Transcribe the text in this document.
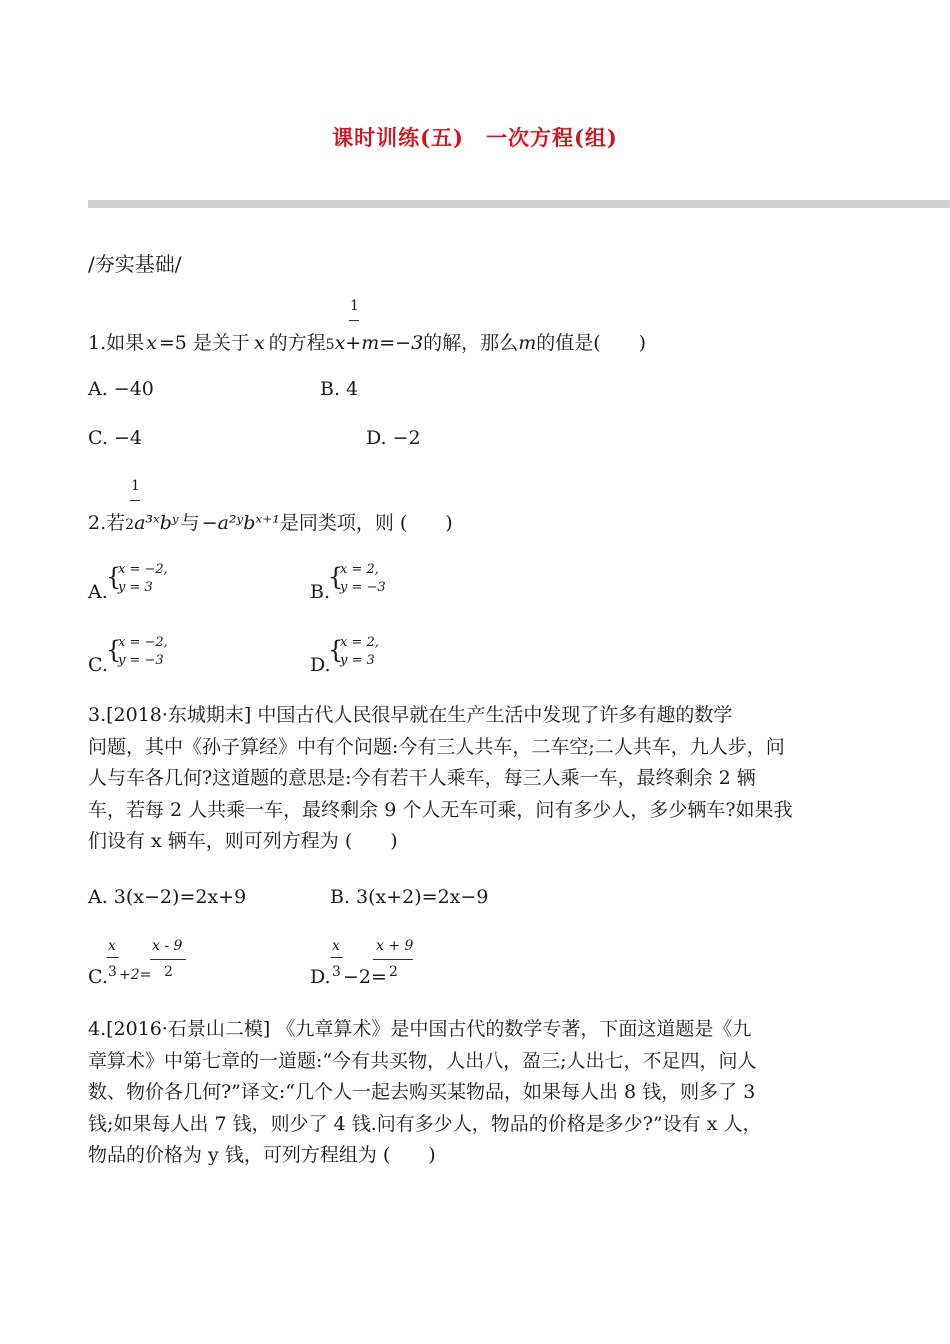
课时训练(五)　一次方程(组)
/夯实基础/
1
1.如果 x =5 是关于 x 的方程5x+m=−3的解，那么m的值是(　　)
A. −40	B. 4
C. −4	D. −2
1
2.若2a³ˣbʸ 与 −a²ʸbˣ⁺¹是同类项，则 (　　)
A.
{
x = −2,
y = 3	B.
{
x = 2,
y = −3
C.
{
x = −2,
y = −3	D.
{
x = 2,
y = 3
3.[2018·东城期末] 中国古代人民很早就在生产生活中发现了许多有趣的数学
问题，其中《孙子算经》中有个问题:今有三人共车，二车空;二人共车，九人步，问
人与车各几何?这道题的意思是:今有若干人乘车，每三人乘一车，最终剩余 2 辆
车，若每 2 人共乘一车，最终剩余 9 个人无车可乘，问有多少人，多少辆车?如果我
们设有 x 辆车，则可列方程为 (　　)
A. 3(x−2)=2x+9	B. 3(x+2)=2x−9
x
C. 3 +2=
x - 9
2
x
D. 3 −2=
x + 9
2
4.[2016·石景山二模] 《九章算术》是中国古代的数学专著，下面这道题是《九
章算术》中第七章的一道题:“今有共买物，人出八，盈三;人出七，不足四，问人
数、物价各几何?”译文:“几个人一起去购买某物品，如果每人出 8 钱，则多了 3
钱;如果每人出 7 钱，则少了 4 钱.问有多少人，物品的价格是多少?”设有 x 人，
物品的价格为 y 钱，可列方程组为 (　　)
